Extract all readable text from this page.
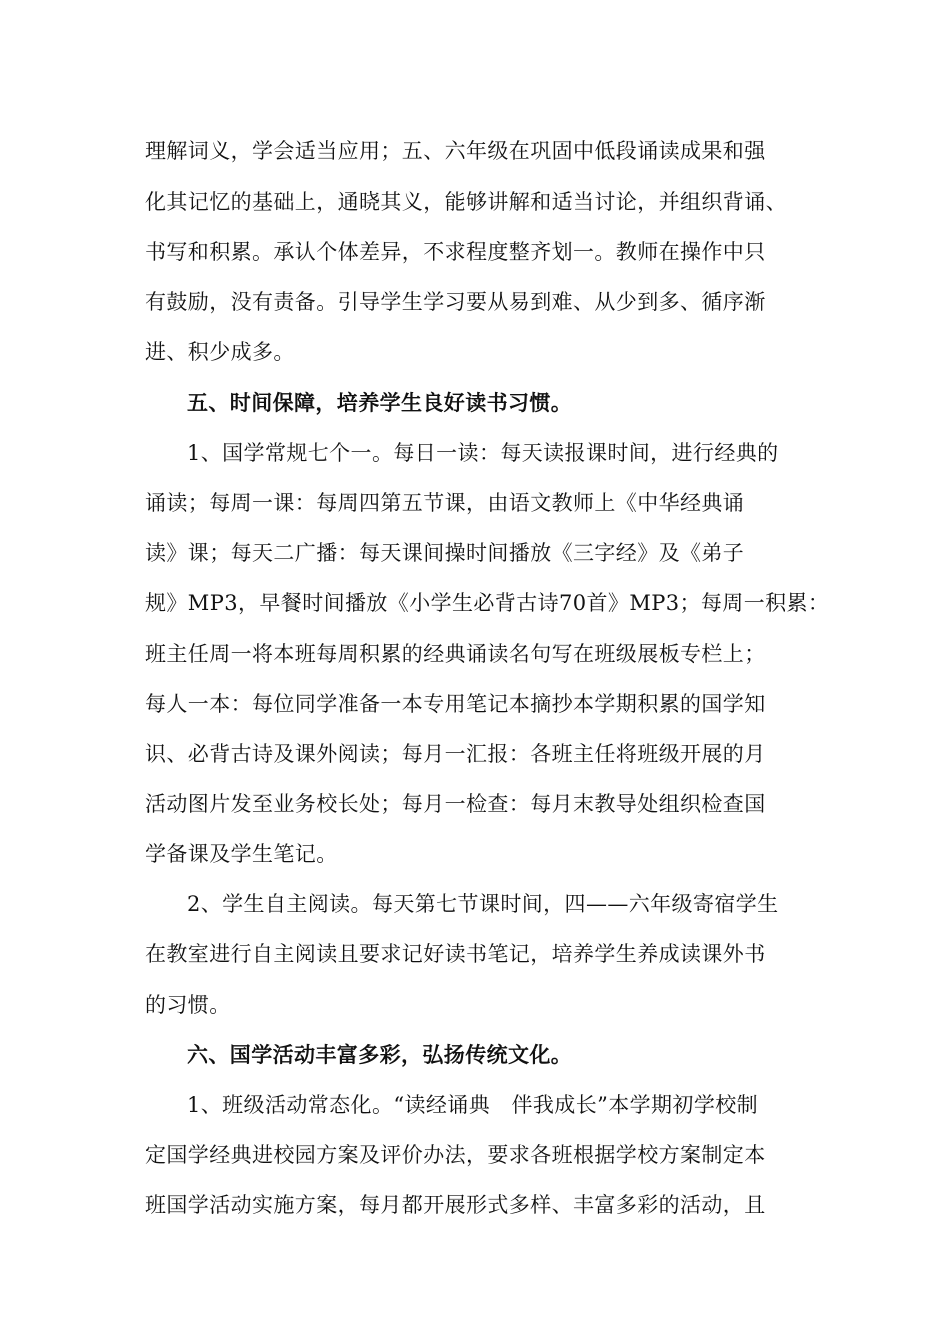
理解词义，学会适当应用；五、六年级在巩固中低段诵读成果和强
化其记忆的基础上，通晓其义，能够讲解和适当讨论，并组织背诵、
书写和积累。承认个体差异，不求程度整齐划一。教师在操作中只
有鼓励，没有责备。引导学生学习要从易到难、从少到多、循序渐
进、积少成多。
五、时间保障，培养学生良好读书习惯。
1、国学常规七个一。每日一读：每天读报课时间，进行经典的
诵读；每周一课：每周四第五节课，由语文教师上《中华经典诵
读》课；每天二广播：每天课间操时间播放《三字经》及《弟子
规》MP3，早餐时间播放《小学生必背古诗70首》MP3；每周一积累：
班主任周一将本班每周积累的经典诵读名句写在班级展板专栏上；
每人一本：每位同学准备一本专用笔记本摘抄本学期积累的国学知
识、必背古诗及课外阅读；每月一汇报：各班主任将班级开展的月
活动图片发至业务校长处；每月一检查：每月末教导处组织检查国
学备课及学生笔记。
2、学生自主阅读。每天第七节课时间，四——六年级寄宿学生
在教室进行自主阅读且要求记好读书笔记，培养学生养成读课外书
的习惯。
六、国学活动丰富多彩，弘扬传统文化。
1、班级活动常态化。“读经诵典　伴我成长”本学期初学校制
定国学经典进校园方案及评价办法，要求各班根据学校方案制定本
班国学活动实施方案，每月都开展形式多样、丰富多彩的活动，且
